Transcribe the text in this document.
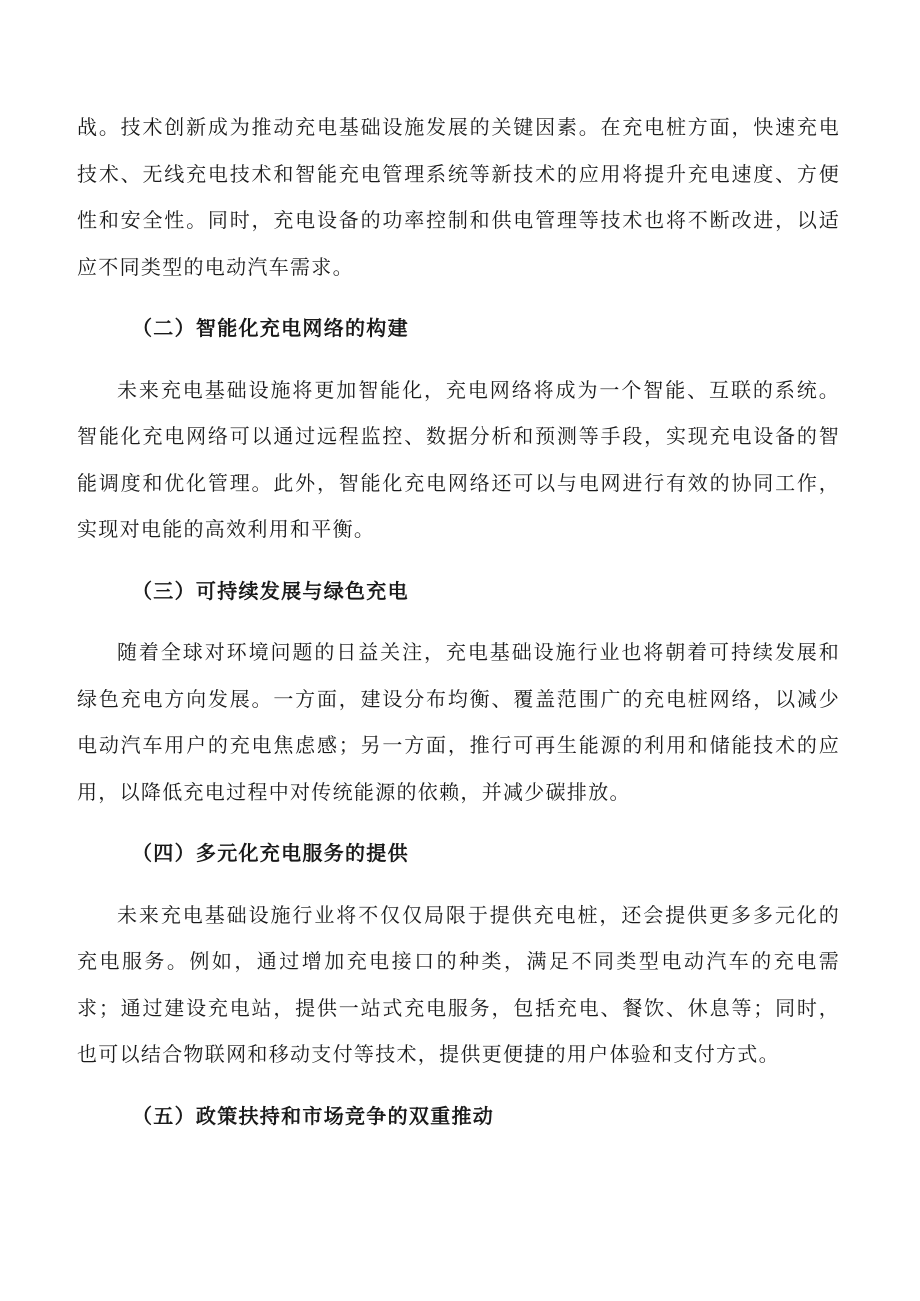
战。技术创新成为推动充电基础设施发展的关键因素。在充电桩方面，快速充电技术、无线充电技术和智能充电管理系统等新技术的应用将提升充电速度、方便性和安全性。同时，充电设备的功率控制和供电管理等技术也将不断改进，以适应不同类型的电动汽车需求。

（二）智能化充电网络的构建

未来充电基础设施将更加智能化，充电网络将成为一个智能、互联的系统。智能化充电网络可以通过远程监控、数据分析和预测等手段，实现充电设备的智能调度和优化管理。此外，智能化充电网络还可以与电网进行有效的协同工作，实现对电能的高效利用和平衡。

（三）可持续发展与绿色充电

随着全球对环境问题的日益关注，充电基础设施行业也将朝着可持续发展和绿色充电方向发展。一方面，建设分布均衡、覆盖范围广的充电桩网络，以减少电动汽车用户的充电焦虑感；另一方面，推行可再生能源的利用和储能技术的应用，以降低充电过程中对传统能源的依赖，并减少碳排放。

（四）多元化充电服务的提供

未来充电基础设施行业将不仅仅局限于提供充电桩，还会提供更多多元化的充电服务。例如，通过增加充电接口的种类，满足不同类型电动汽车的充电需求；通过建设充电站，提供一站式充电服务，包括充电、餐饮、休息等；同时，也可以结合物联网和移动支付等技术，提供更便捷的用户体验和支付方式。

（五）政策扶持和市场竞争的双重推动
